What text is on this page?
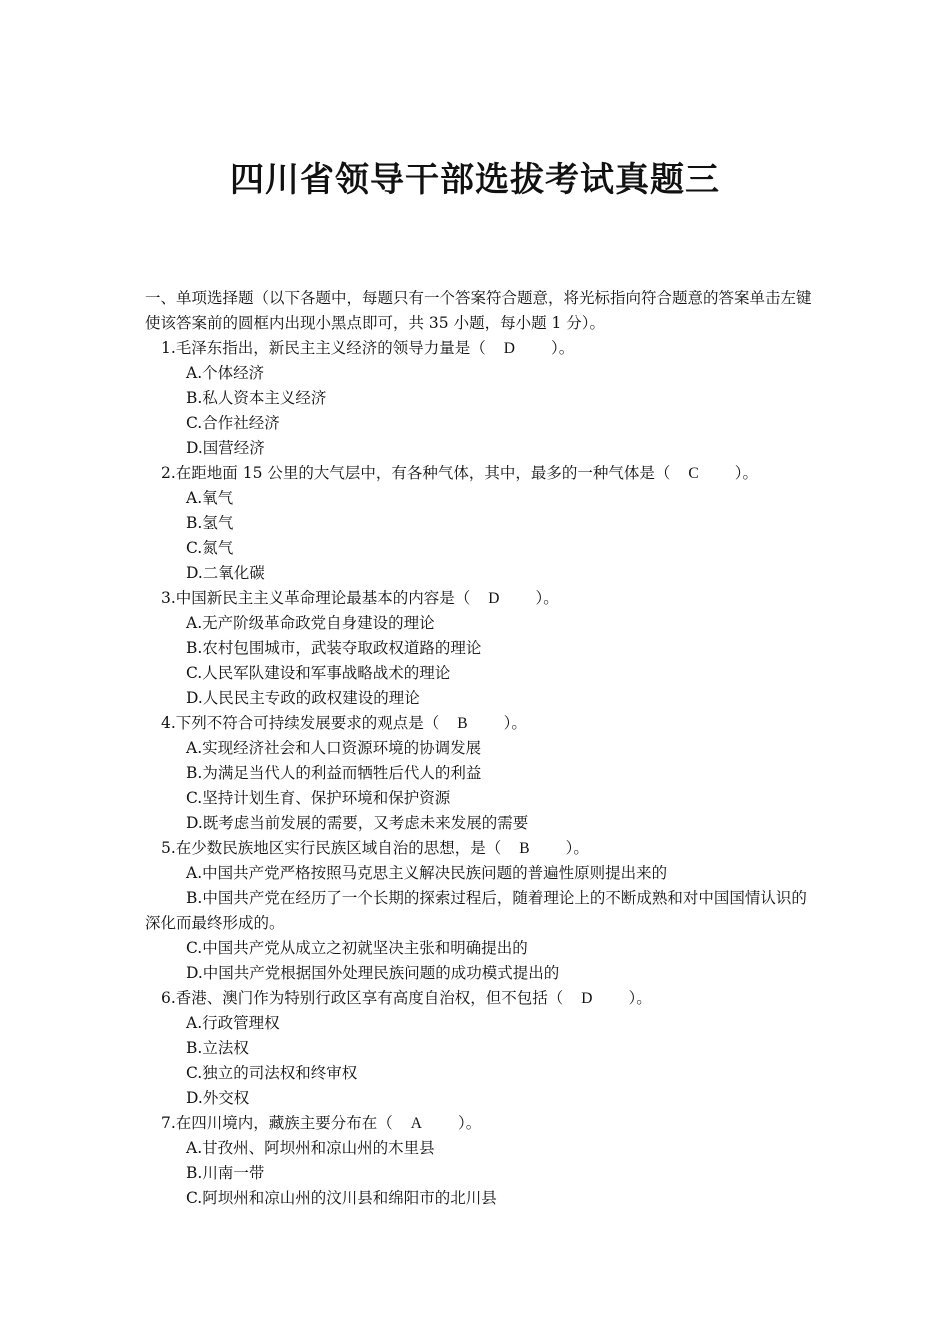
四川省领导干部选拔考试真题三

一、单项选择题（以下各题中，每题只有一个答案符合题意，将光标指向符合题意的答案单击左键使该答案前的圆框内出现小黑点即可，共 35 小题，每小题 1 分）。

1.毛泽东指出，新民主主义经济的领导力量是（ D ）。

A.个体经济

B.私人资本主义经济

C.合作社经济

D.国营经济

2.在距地面 15 公里的大气层中，有各种气体，其中，最多的一种气体是（ C ）。

A.氧气

B.氢气

C.氮气

D.二氧化碳

3.中国新民主主义革命理论最基本的内容是（ D ）。

A.无产阶级革命政党自身建设的理论

B.农村包围城市，武装夺取政权道路的理论

C.人民军队建设和军事战略战术的理论

D.人民民主专政的政权建设的理论

4.下列不符合可持续发展要求的观点是（ B ）。

A.实现经济社会和人口资源环境的协调发展

B.为满足当代人的利益而牺牲后代人的利益

C.坚持计划生育、保护环境和保护资源

D.既考虑当前发展的需要，又考虑未来发展的需要

5.在少数民族地区实行民族区域自治的思想，是（ B ）。

A.中国共产党严格按照马克思主义解决民族问题的普遍性原则提出来的

B.中国共产党在经历了一个长期的探索过程后，随着理论上的不断成熟和对中国国情认识的深化而最终形成的。

C.中国共产党从成立之初就坚决主张和明确提出的

D.中国共产党根据国外处理民族问题的成功模式提出的

6.香港、澳门作为特别行政区享有高度自治权，但不包括（ D ）。

A.行政管理权

B.立法权

C.独立的司法权和终审权

D.外交权

7.在四川境内，藏族主要分布在（ A ）。

A.甘孜州、阿坝州和凉山州的木里县

B.川南一带

C.阿坝州和凉山州的汶川县和绵阳市的北川县
